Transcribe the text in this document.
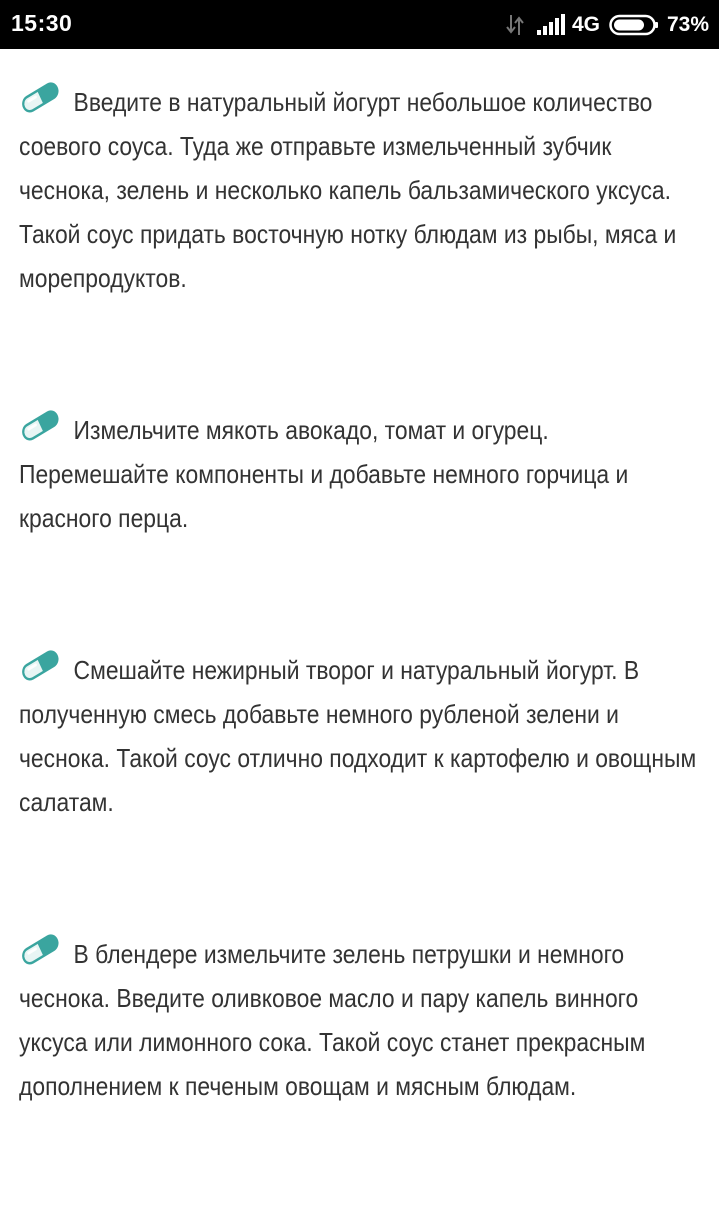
15:30	4G	73%

Введите в натуральный йогурт небольшое количество соевого соуса. Туда же отправьте измельченный зубчик чеснока, зелень и несколько капель бальзамического уксуса. Такой соус придать восточную нотку блюдам из рыбы, мяса и морепродуктов.

Измельчите мякоть авокадо, томат и огурец. Перемешайте компоненты и добавьте немного горчица и красного перца.

Смешайте нежирный творог и натуральный йогурт. В полученную смесь добавьте немного рубленой зелени и чеснока. Такой соус отлично подходит к картофелю и овощным салатам.

В блендере измельчите зелень петрушки и немного чеснока. Введите оливковое масло и пару капель винного уксуса или лимонного сока. Такой соус станет прекрасным дополнением к печеным овощам и мясным блюдам.
